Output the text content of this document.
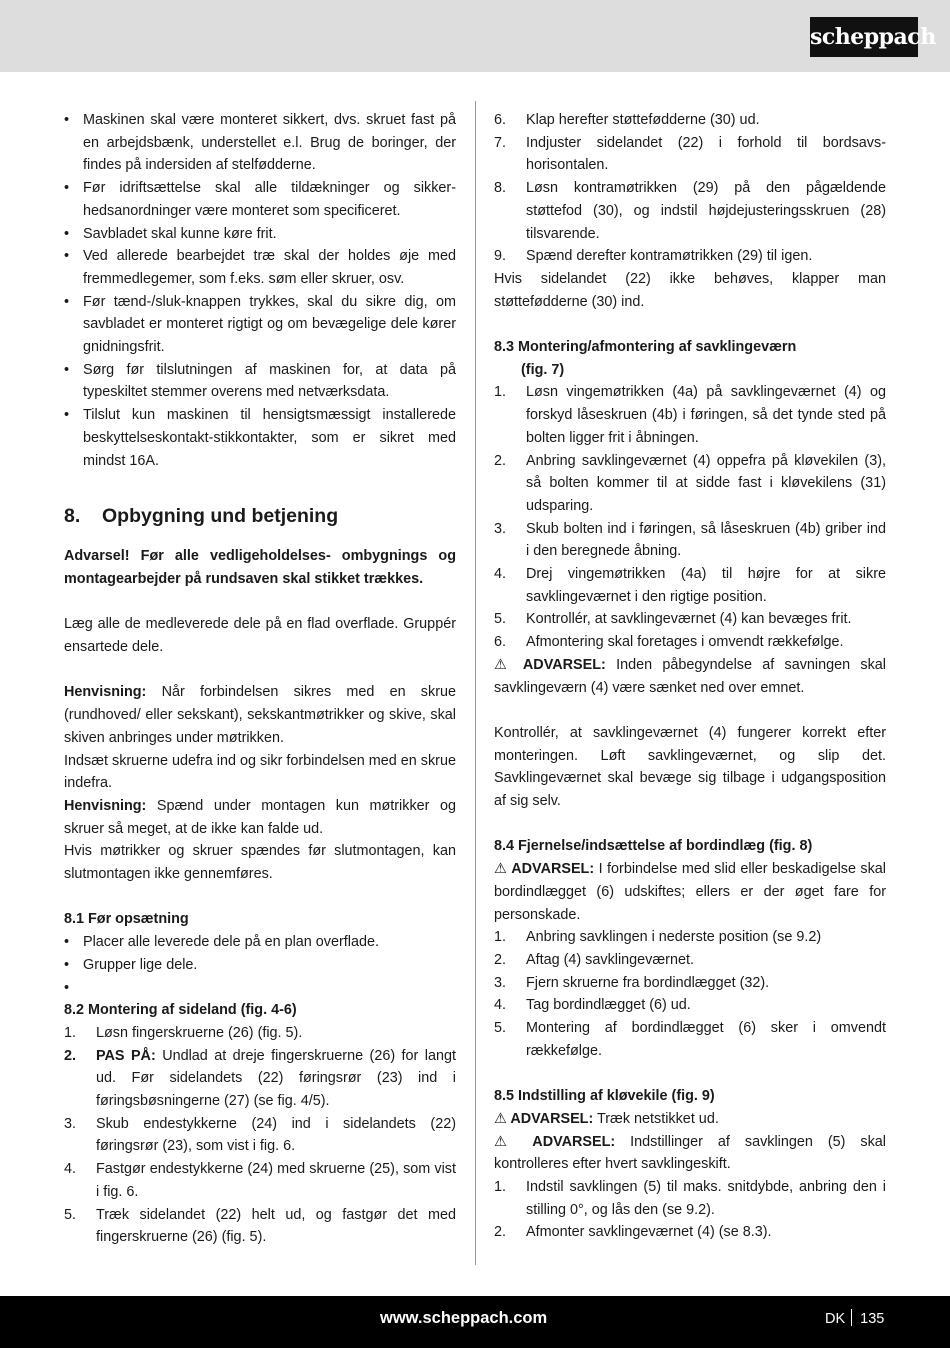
scheppach
• Maskinen skal være monteret sikkert, dvs. skruet fast på en arbejdsbænk, understellet e.l. Brug de boringer, der findes på indersiden af stelfødderne.
• Før idriftsættelse skal alle tildækninger og sikker-hedsanordninger være monteret som specificeret.
• Savbladet skal kunne køre frit.
• Ved allerede bearbejdet træ skal der holdes øje med fremmedlegemer, som f.eks. søm eller skruer, osv.
• Før tænd-/sluk-knappen trykkes, skal du sikre dig, om savbladet er monteret rigtigt og om bevægelige dele kører gnidningsfrit.
• Sørg før tilslutningen af maskinen for, at data på typeskiltet stemmer overens med netværksdata.
• Tilslut kun maskinen til hensigtsmæssigt installerede beskyttelseskontakt-stikkontakter, som er sikret med mindst 16A.
8. Opbygning und betjening

Advarsel! Før alle vedligeholdelses- ombygnings og montagearbejder på rundsaven skal stikket trækkes.

Læg alle de medleverede dele på en flad overflade. Gruppér ensartede dele.

Henvisning: Når forbindelsen sikres med en skrue (rundhoved/ eller sekskant), sekskantmøtrikker og skive, skal skiven anbringes under møtrikken.

Indsæt skruerne udefra ind og sikr forbindelsen med en skrue indefra.

Henvisning: Spænd under montagen kun møtrikker og skruer så meget, at de ikke kan falde ud.

Hvis møtrikker og skruer spændes før slutmontagen, kan slutmontagen ikke gennemføres.

8.1 Før opsætning

• Placer alle leverede dele på en plan overflade.
• Grupper lige dele.
•

8.2 Montering af sideland (fig. 4-6)

1. Løsn fingerskruerne (26) (fig. 5).
2. PAS PÅ: Undlad at dreje fingerskruerne (26) for langt ud. Før sidelandets (22) føringsrør (23) ind i føringsbøsningerne (27) (se fig. 4/5).
3. Skub endestykkerne (24) ind i sidelandets (22) føringsrør (23), som vist i fig. 6.
4. Fastgør endestykkerne (24) med skruerne (25), som vist i fig. 6.
5. Træk sidelandet (22) helt ud, og fastgør det med fingerskruerne (26) (fig. 5).
6. Klap herefter støttefødderne (30) ud.
7. Indjuster sidelandet (22) i forhold til bordsavs-horisontalen.
8. Løsn kontramøtrikken (29) på den pågældende støttefod (30), og indstil højdejusteringsskruen (28) tilsvarende.
9. Spænd derefter kontramøtrikken (29) til igen.

Hvis sidelandet (22) ikke behøves, klapper man støttefødderne (30) ind.

8.3 Montering/afmontering af savklingeværn

(fig. 7)

1. Løsn vingemøtrikken (4a) på savklingeværnet (4) og forskyd låseskruen (4b) i føringen, så det tynde sted på bolten ligger frit i åbningen.
2. Anbring savklingeværnet (4) oppefra på kløvekilen (3), så bolten kommer til at sidde fast i kløvekilens (31) udsparing.
3. Skub bolten ind i føringen, så låseskruen (4b) griber ind i den beregnede åbning.
4. Drej vingemøtrikken (4a) til højre for at sikre savklingeværnet i den rigtige position.
5. Kontrollér, at savklingeværnet (4) kan bevæges frit.
6. Afmontering skal foretages i omvendt rækkefølge.

⚠ ADVARSEL: Inden påbegyndelse af savningen skal savklingeværn (4) være sænket ned over emnet.

Kontrollér, at savklingeværnet (4) fungerer korrekt efter monteringen. Løft savklingeværnet, og slip det. Savklingeværnet skal bevæge sig tilbage i udgangsposition af sig selv.

8.4 Fjernelse/indsættelse af bordindlæg (fig. 8)

⚠ ADVARSEL: I forbindelse med slid eller beskadigelse skal bordindlægget (6) udskiftes; ellers er der øget fare for personskade.

1. Anbring savklingen i nederste position (se 9.2)
2. Aftag (4) savklingeværnet.
3. Fjern skruerne fra bordindlægget (32).
4. Tag bordindlægget (6) ud.
5. Montering af bordindlægget (6) sker i omvendt rækkefølge.

8.5 Indstilling af kløvekile (fig. 9)

⚠ ADVARSEL: Træk netstikket ud.

⚠ ADVARSEL: Indstillinger af savklingen (5) skal kontrolleres efter hvert savklingeskift.

1. Indstil savklingen (5) til maks. snitdybde, anbring den i stilling 0°, og lås den (se 9.2).
2. Afmonter savklingeværnet (4) (se 8.3).
www.scheppach.com	DK 135
